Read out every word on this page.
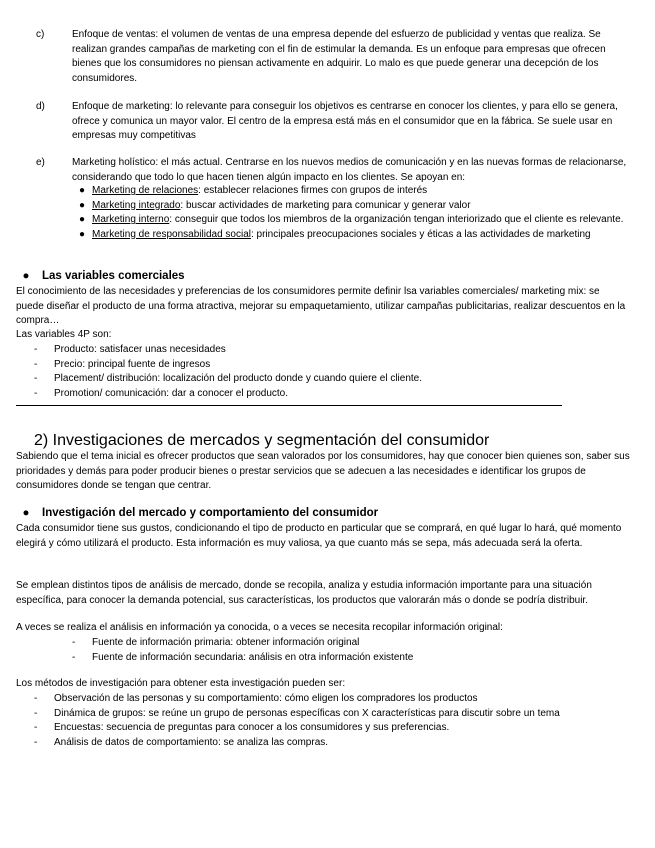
c)	Enfoque de ventas: el volumen de ventas de una empresa depende del esfuerzo de publicidad y ventas que realiza. Se realizan grandes campañas de marketing con el fin de estimular la demanda. Es un enfoque para empresas que ofrecen bienes que los consumidores no piensan activamente en adquirir. Lo malo es que puede generar una decepción de los consumidores.
d)	Enfoque de marketing: lo relevante para conseguir los objetivos es centrarse en conocer los clientes, y para ello se genera, ofrece y comunica un mayor valor. El centro de la empresa está más en el consumidor que en la fábrica. Se suele usar en empresas muy competitivas
e)	Marketing holístico: el más actual. Centrarse en los nuevos medios de comunicación y en las nuevas formas de relacionarse, considerando que todo lo que hacen tienen algún impacto en los clientes. Se apoyan en:
● Marketing de relaciones: establecer relaciones firmes con grupos de interés
● Marketing integrado: buscar actividades de marketing para comunicar y generar valor
● Marketing interno: conseguir que todos los miembros de la organización tengan interiorizado que el cliente es relevante.
● Marketing de responsabilidad social: principales preocupaciones sociales y éticas a las actividades de marketing
●	Las variables comerciales

El conocimiento de las necesidades y preferencias de los consumidores permite definir lsa variables comerciales/ marketing mix: se puede diseñar el producto de una forma atractiva, mejorar su empaquetamiento, utilizar campañas publicitarias, realizar descuentos en la compra…

Las variables 4P son:

-	Producto: satisfacer unas necesidades
-	Precio: principal fuente de ingresos
-	Placement/ distribución: localización del producto donde y cuando quiere el cliente.
-	Promotion/ comunicación: dar a conocer el producto.
2) Investigaciones de mercados y segmentación del consumidor

Sabiendo que el tema inicial es ofrecer productos que sean valorados por los consumidores, hay que conocer bien quienes son, saber sus prioridades y demás para poder producir bienes o prestar servicios que se adecuen a las necesidades e identificar los grupos de consumidores donde se tengan que centrar.

●	Investigación del mercado y comportamiento del consumidor

Cada consumidor tiene sus gustos, condicionando el tipo de producto en particular que se comprará, en qué lugar lo hará, qué momento elegirá y cómo utilizará el producto. Esta información es muy valiosa, ya que cuanto más se sepa, más adecuada será la oferta.

Se emplean distintos tipos de análisis de mercado, donde se recopila, analiza y estudia información importante para una situación específica, para conocer la demanda potencial, sus características, los productos que valorarán más o donde se podría distribuir.

A veces se realiza el análisis en información ya conocida, o a veces se necesita recopilar información original:

-	Fuente de información primaria: obtener información original
-	Fuente de información secundaria: análisis en otra información existente

Los métodos de investigación para obtener esta investigación pueden ser:

-	Observación de las personas y su comportamiento: cómo eligen los compradores los productos
-	Dinámica de grupos: se reúne un grupo de personas específicas con X características para discutir sobre un tema
-	Encuestas: secuencia de preguntas para conocer a los consumidores y sus preferencias.
-	Análisis de datos de comportamiento: se analiza las compras.
